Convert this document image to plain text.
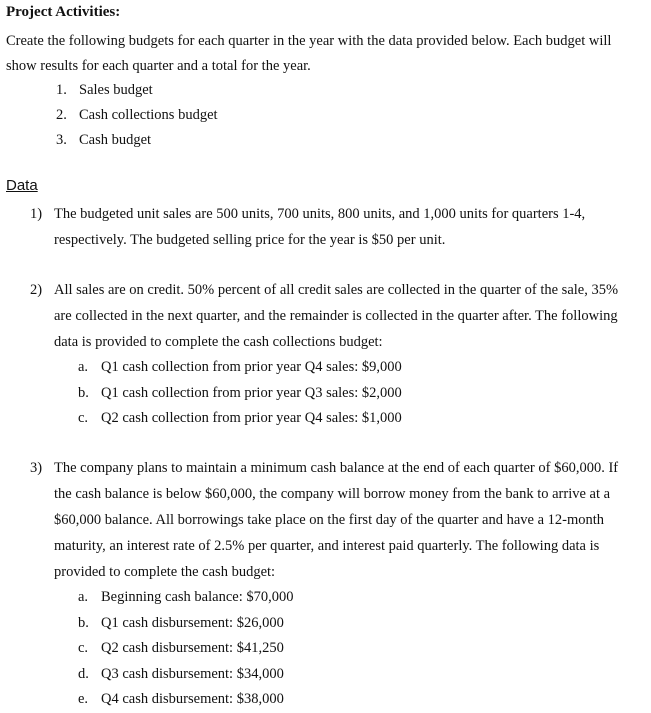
Project Activities:
Create the following budgets for each quarter in the year with the data provided below. Each budget will show results for each quarter and a total for the year.
1. Sales budget
2. Cash collections budget
3. Cash budget
Data
1) The budgeted unit sales are 500 units, 700 units, 800 units, and 1,000 units for quarters 1-4, respectively. The budgeted selling price for the year is $50 per unit.
2) All sales are on credit. 50% percent of all credit sales are collected in the quarter of the sale, 35% are collected in the next quarter, and the remainder is collected in the quarter after. The following data is provided to complete the cash collections budget:
a. Q1 cash collection from prior year Q4 sales: $9,000
b. Q1 cash collection from prior year Q3 sales: $2,000
c. Q2 cash collection from prior year Q4 sales: $1,000
3) The company plans to maintain a minimum cash balance at the end of each quarter of $60,000. If the cash balance is below $60,000, the company will borrow money from the bank to arrive at a $60,000 balance. All borrowings take place on the first day of the quarter and have a 12-month maturity, an interest rate of 2.5% per quarter, and interest paid quarterly. The following data is provided to complete the cash budget:
a. Beginning cash balance: $70,000
b. Q1 cash disbursement: $26,000
c. Q2 cash disbursement: $41,250
d. Q3 cash disbursement: $34,000
e. Q4 cash disbursement: $38,000
